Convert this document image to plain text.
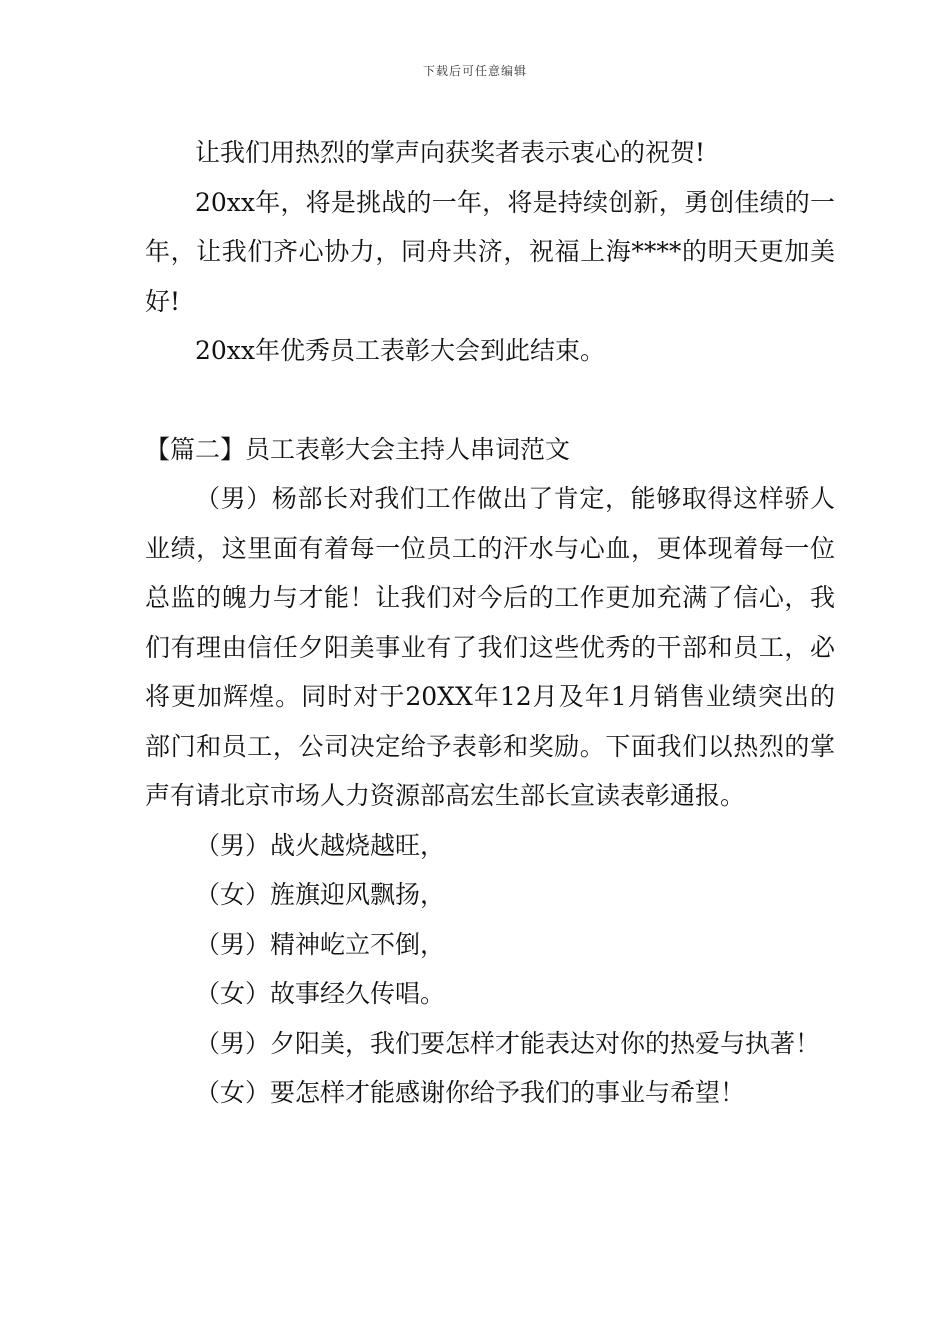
下载后可任意编辑

让我们用热烈的掌声向获奖者表示衷心的祝贺!

20xx年，将是挑战的一年，将是持续创新，勇创佳绩的一年，让我们齐心协力，同舟共济，祝福上海****的明天更加美好!

20xx年优秀员工表彰大会到此结束。

【篇二】员工表彰大会主持人串词范文

（男）杨部长对我们工作做出了肯定，能够取得这样骄人业绩，这里面有着每一位员工的汗水与心血，更体现着每一位总监的魄力与才能！让我们对今后的工作更加充满了信心，我们有理由信任夕阳美事业有了我们这些优秀的干部和员工，必将更加辉煌。同时对于20XX年12月及年1月销售业绩突出的部门和员工，公司决定给予表彰和奖励。下面我们以热烈的掌声有请北京市场人力资源部高宏生部长宣读表彰通报。

（男）战火越烧越旺，

（女）旌旗迎风飘扬，

（男）精神屹立不倒，

（女）故事经久传唱。

（男）夕阳美，我们要怎样才能表达对你的热爱与执著！

（女）要怎样才能感谢你给予我们的事业与希望！
